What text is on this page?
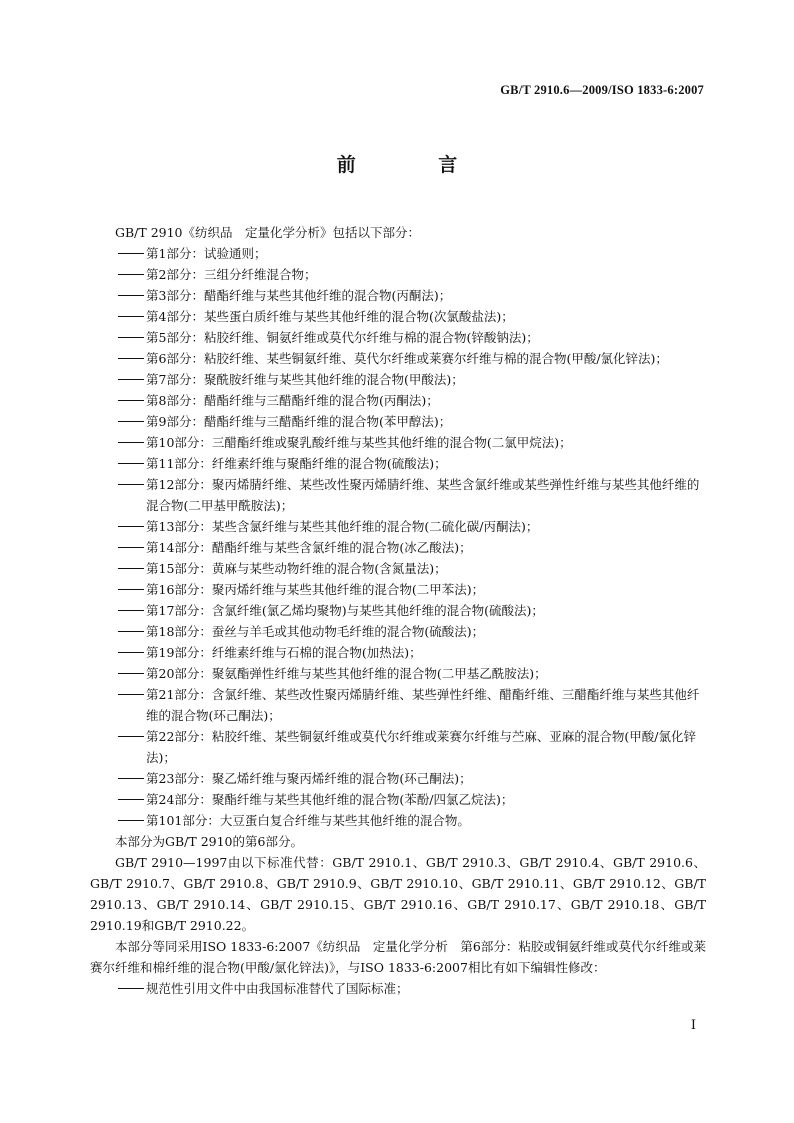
GB/T 2910.6—2009/ISO 1833-6:2007
前 言

GB/T 2910《纺织品　定量化学分析》包括以下部分：

第1部分：试验通则；

第2部分：三组分纤维混合物；

第3部分：醋酯纤维与某些其他纤维的混合物(丙酮法)；

第4部分：某些蛋白质纤维与某些其他纤维的混合物(次氯酸盐法)；

第5部分：粘胶纤维、铜氨纤维或莫代尔纤维与棉的混合物(锌酸钠法)；

第6部分：粘胶纤维、某些铜氨纤维、莫代尔纤维或莱赛尔纤维与棉的混合物(甲酸/氯化锌法)；

第7部分：聚酰胺纤维与某些其他纤维的混合物(甲酸法)；

第8部分：醋酯纤维与三醋酯纤维的混合物(丙酮法)；

第9部分：醋酯纤维与三醋酯纤维的混合物(苯甲醇法)；

第10部分：三醋酯纤维或聚乳酸纤维与某些其他纤维的混合物(二氯甲烷法)；

第11部分：纤维素纤维与聚酯纤维的混合物(硫酸法)；

第12部分：聚丙烯腈纤维、某些改性聚丙烯腈纤维、某些含氯纤维或某些弹性纤维与某些其他纤维的混合物(二甲基甲酰胺法)；

第13部分：某些含氯纤维与某些其他纤维的混合物(二硫化碳/丙酮法)；

第14部分：醋酯纤维与某些含氯纤维的混合物(冰乙酸法)；

第15部分：黄麻与某些动物纤维的混合物(含氮量法)；

第16部分：聚丙烯纤维与某些其他纤维的混合物(二甲苯法)；

第17部分：含氯纤维(氯乙烯均聚物)与某些其他纤维的混合物(硫酸法)；

第18部分：蚕丝与羊毛或其他动物毛纤维的混合物(硫酸法)；

第19部分：纤维素纤维与石棉的混合物(加热法)；

第20部分：聚氨酯弹性纤维与某些其他纤维的混合物(二甲基乙酰胺法)；

第21部分：含氯纤维、某些改性聚丙烯腈纤维、某些弹性纤维、醋酯纤维、三醋酯纤维与某些其他纤维的混合物(环己酮法)；

第22部分：粘胶纤维、某些铜氨纤维或莫代尔纤维或莱赛尔纤维与苎麻、亚麻的混合物(甲酸/氯化锌法)；

第23部分：聚乙烯纤维与聚丙烯纤维的混合物(环己酮法)；

第24部分：聚酯纤维与某些其他纤维的混合物(苯酚/四氯乙烷法)；

第101部分：大豆蛋白复合纤维与某些其他纤维的混合物。

本部分为GB/T 2910的第6部分。

GB/T 2910—1997由以下标准代替：GB/T 2910.1、GB/T 2910.3、GB/T 2910.4、GB/T 2910.6、GB/T 2910.7、GB/T 2910.8、GB/T 2910.9、GB/T 2910.10、GB/T 2910.11、GB/T 2910.12、GB/T 2910.13、GB/T 2910.14、GB/T 2910.15、GB/T 2910.16、GB/T 2910.17、GB/T 2910.18、GB/T 2910.19和GB/T 2910.22。

本部分等同采用ISO 1833-6:2007《纺织品　定量化学分析　第6部分：粘胶或铜氨纤维或莫代尔纤维或莱赛尔纤维和棉纤维的混合物(甲酸/氯化锌法)》，与ISO 1833-6:2007相比有如下编辑性修改：

规范性引用文件中由我国标准替代了国际标准；

I
